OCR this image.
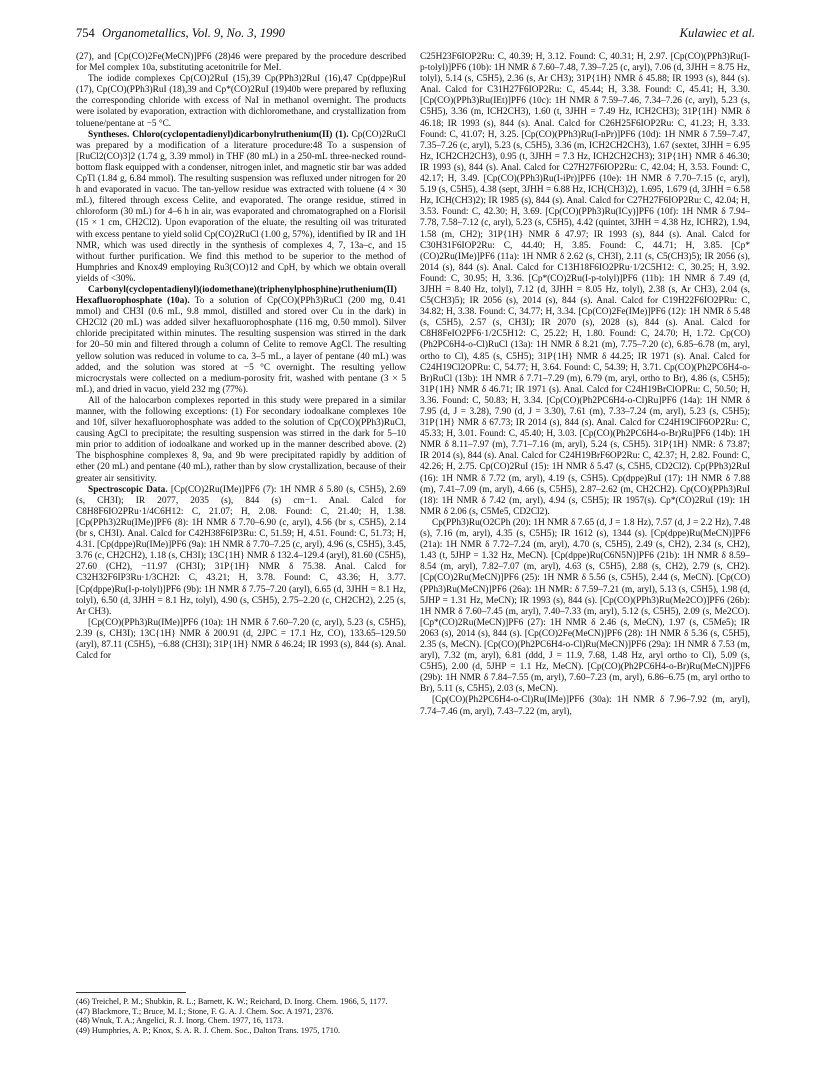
754 Organometallics, Vol. 9, No. 3, 1990	Kulawiec et al.

(27), and [Cp(CO)2Fe(MeCN)]PF6 (28)46 were prepared by the procedure described for MeI complex 10a, substituting acetonitrile for MeI.

The iodide complexes Cp(CO)2RuI (15),39 Cp(PPh3)2RuI (16),47 Cp(dppe)RuI (17), Cp(CO)(PPh3)RuI (18),39 and Cp*(CO)2RuI (19)40b were prepared by refluxing the corresponding chloride with excess of NaI in methanol overnight. The products were isolated by evaporation, extraction with dichloromethane, and crystallization from toluene/pentane at −5 °C.

Syntheses. Chloro(cyclopentadienyl)dicarbonylruthenium(II) (1). Cp(CO)2RuCl was prepared by a modification of a literature procedure:48 To a suspension of [RuCl2(CO)3]2 (1.74 g, 3.39 mmol) in THF (80 mL) in a 250-mL three-necked round-bottom flask equipped with a condenser, nitrogen inlet, and magnetic stir bar was added CpTl (1.84 g, 6.84 mmol). The resulting suspension was refluxed under nitrogen for 20 h and evaporated in vacuo. The tan-yellow residue was extracted with toluene (4 × 30 mL), filtered through excess Celite, and evaporated. The orange residue, stirred in chloroform (30 mL) for 4–6 h in air, was evaporated and chromatographed on a Florisil (15 × 1 cm, CH2Cl2). Upon evaporation of the eluate, the resulting oil was triturated with excess pentane to yield solid Cp(CO)2RuCl (1.00 g, 57%), identified by IR and 1H NMR, which was used directly in the synthesis of complexes 4, 7, 13a–c, and 15 without further purification. We find this method to be superior to the method of Humphries and Knox49 employing Ru3(CO)12 and CpH, by which we obtain overall yields of <30%.

Carbonyl(cyclopentadienyl)(iodomethane)(triphenylphosphine)ruthenium(II) Hexafluorophosphate (10a). To a solution of Cp(CO)(PPh3)RuCl (200 mg, 0.41 mmol) and CH3I (0.6 mL, 9.8 mmol, distilled and stored over Cu in the dark) in CH2Cl2 (20 mL) was added silver hexafluorophosphate (116 mg, 0.50 mmol). Silver chloride precipitated within minutes. The resulting suspension was stirred in the dark for 20–50 min and filtered through a column of Celite to remove AgCl. The resulting yellow solution was reduced in volume to ca. 3–5 mL, a layer of pentane (40 mL) was added, and the solution was stored at −5 °C overnight. The resulting yellow microcrystals were collected on a medium-porosity frit, washed with pentane (3 × 5 mL), and dried in vacuo, yield 232 mg (77%).

All of the halocarbon complexes reported in this study were prepared in a similar manner, with the following exceptions: (1) For secondary iodoalkane complexes 10e and 10f, silver hexafluorophosphate was added to the solution of Cp(CO)(PPh3)RuCl, causing AgCl to precipitate; the resulting suspension was stirred in the dark for 5–10 min prior to addition of iodoalkane and worked up in the manner described above. (2) The bisphosphine complexes 8, 9a, and 9b were precipitated rapidly by addition of ether (20 mL) and pentane (40 mL), rather than by slow crystallization, because of their greater air sensitivity.

Spectroscopic Data. [Cp(CO)2Ru(IMe)]PF6 (7): 1H NMR δ 5.80 (s, C5H5), 2.69 (s, CH3I); IR 2077, 2035 (s), 844 (s) cm−1. Anal. Calcd for C8H8F6IO2PRu·1/4C6H12: C, 21.07; H, 2.08. Found: C, 21.40; H, 1.38. [Cp(PPh3)2Ru(IMe)]PF6 (8): 1H NMR δ 7.70–6.90 (c, aryl), 4.56 (br s, C5H5), 2.14 (br s, CH3I). Anal. Calcd for C42H38F6IP3Ru: C, 51.59; H, 4.51. Found: C, 51.73; H, 4.31. [Cp(dppe)Ru(IMe)]PF6 (9a): 1H NMR δ 7.70–7.25 (c, aryl), 4.96 (s, C5H5), 3.45, 3.76 (c, CH2CH2), 1.18 (s, CH3I); 13C{1H} NMR δ 132.4–129.4 (aryl), 81.60 (C5H5), 27.60 (CH2), −11.97 (CH3I); 31P{1H} NMR δ 75.38. Anal. Calcd for C32H32F6IP3Ru·1/3CH2I: C, 43.21; H, 3.78. Found: C, 43.36; H, 3.77. [Cp(dppe)Ru(I-p-tolyl)]PF6 (9b): 1H NMR δ 7.75–7.20 (aryl), 6.65 (d, 3JHH = 8.1 Hz, tolyl), 6.50 (d, 3JHH = 8.1 Hz, tolyl), 4.90 (s, C5H5), 2.75–2.20 (c, CH2CH2), 2.25 (s, Ar CH3).

[Cp(CO)(PPh3)Ru(IMe)]PF6 (10a): 1H NMR δ 7.60–7.20 (c, aryl), 5.23 (s, C5H5), 2.39 (s, CH3I); 13C{1H} NMR δ 200.91 (d, 2JPC = 17.1 Hz, CO), 133.65–129.50 (aryl), 87.11 (C5H5), −6.88 (CH3I); 31P{1H} NMR δ 46.24; IR 1993 (s), 844 (s). Anal. Calcd for

C25H23F6IOP2Ru: C, 40.39; H, 3.12. Found: C, 40.31; H, 2.97. [Cp(CO)(PPh3)Ru(I-p-tolyl)]PF6 (10b): 1H NMR δ 7.60–7.48, 7.39–7.25 (c, aryl), 7.06 (d, 3JHH = 8.75 Hz, tolyl), 5.14 (s, C5H5), 2.36 (s, Ar CH3); 31P{1H} NMR δ 45.88; IR 1993 (s), 844 (s). Anal. Calcd for C31H27F6IOP2Ru: C, 45.44; H, 3.38. Found: C, 45.41; H, 3.30. [Cp(CO)(PPh3)Ru(IEt)]PF6 (10c): 1H NMR δ 7.59–7.46, 7.34–7.26 (c, aryl), 5.23 (s, C5H5), 3.36 (m, ICH2CH3), 1.60 (t, 3JHH = 7.49 Hz, ICH2CH3); 31P{1H} NMR δ 46.18; IR 1993 (s), 844 (s). Anal. Calcd for C26H25F6IOP2Ru: C, 41.23; H, 3.33. Found: C, 41.07; H, 3.25. [Cp(CO)(PPh3)Ru(I-nPr)]PF6 (10d): 1H NMR δ 7.59–7.47, 7.35–7.26 (c, aryl), 5.23 (s, C5H5), 3.36 (m, ICH2CH2CH3), 1.67 (sextet, 3JHH = 6.95 Hz, ICH2CH2CH3), 0.95 (t, 3JHH = 7.3 Hz, ICH2CH2CH3); 31P{1H} NMR δ 46.30; IR 1993 (s), 844 (s). Anal. Calcd for C27H27F6IOP2Ru: C, 42.04; H, 3.53. Found: C, 42.17; H, 3.49. [Cp(CO)(PPh3)Ru(I-iPr)]PF6 (10e): 1H NMR δ 7.70–7.15 (c, aryl), 5.19 (s, C5H5), 4.38 (sept, 3JHH = 6.88 Hz, ICH(CH3)2), 1.695, 1.679 (d, 3JHH = 6.58 Hz, ICH(CH3)2); IR 1985 (s), 844 (s). Anal. Calcd for C27H27F6IOP2Ru: C, 42.04; H, 3.53. Found: C, 42.30; H, 3.69. [Cp(CO)(PPh3)Ru(ICy)]PF6 (10f): 1H NMR δ 7.94–7.78, 7.58–7.12 (c, aryl), 5.23 (s, C5H5), 4.42 (quintet, 3JHH = 4.38 Hz, ICHR2), 1.94, 1.58 (m, CH2); 31P{1H} NMR δ 47.97; IR 1993 (s), 844 (s). Anal. Calcd for C30H31F6IOP2Ru: C, 44.40; H, 3.85. Found: C, 44.71; H, 3.85. [Cp*(CO)2Ru(IMe)]PF6 (11a): 1H NMR δ 2.62 (s, CH3I), 2.11 (s, C5(CH3)5); IR 2056 (s), 2014 (s), 844 (s). Anal. Calcd for C13H18F6IO2PRu·1/2C5H12: C, 30.25; H, 3.92. Found: C, 30.95; H, 3.36. [Cp*(CO)2Ru(I-p-tolyl)]PF6 (11b): 1H NMR δ 7.49 (d, 3JHH = 8.40 Hz, tolyl), 7.12 (d, 3JHH = 8.05 Hz, tolyl), 2.38 (s, Ar CH3), 2.04 (s, C5(CH3)5); IR 2056 (s), 2014 (s), 844 (s). Anal. Calcd for C19H22F6IO2PRu: C, 34.82; H, 3.38. Found: C, 34.77; H, 3.34. [Cp(CO)2Fe(IMe)]PF6 (12): 1H NMR δ 5.48 (s, C5H5), 2.57 (s, CH3I); IR 2070 (s), 2028 (s), 844 (s). Anal. Calcd for C8H8FeIO2PF6·1/2C5H12: C, 25.22; H, 1.80. Found: C, 24.70; H, 1.72. Cp(CO)(Ph2PC6H4-o-Cl)RuCl (13a): 1H NMR δ 8.21 (m), 7.75–7.20 (c), 6.85–6.78 (m, aryl, ortho to Cl), 4.85 (s, C5H5); 31P{1H} NMR δ 44.25; IR 1971 (s). Anal. Calcd for C24H19Cl2OPRu: C, 54.77; H, 3.64. Found: C, 54.39; H, 3.71. Cp(CO)(Ph2PC6H4-o-Br)RuCl (13b): 1H NMR δ 7.71–7.29 (m), 6.79 (m, aryl, ortho to Br), 4.86 (s, C5H5); 31P{1H} NMR δ 46.71; IR 1971 (s). Anal. Calcd for C24H19BrClOPRu: C, 50.50; H, 3.36. Found: C, 50.83; H, 3.34. [Cp(CO)(Ph2PC6H4-o-Cl)Ru]PF6 (14a): 1H NMR δ 7.95 (d, J = 3.28), 7.90 (d, J = 3.30), 7.61 (m), 7.33–7.24 (m, aryl), 5.23 (s, C5H5); 31P{1H} NMR δ 67.73; IR 2014 (s), 844 (s). Anal. Calcd for C24H19ClF6OP2Ru: C, 45.33; H, 3.01. Found: C, 45.40; H, 3.03. [Cp(CO)(Ph2PC6H4-o-Br)Ru]PF6 (14b): 1H NMR δ 8.11–7.97 (m), 7.71–7.16 (m, aryl), 5.24 (s, C5H5). 31P{1H} NMR: δ 73.87; IR 2014 (s), 844 (s). Anal. Calcd for C24H19BrF6OP2Ru: C, 42.37; H, 2.82. Found: C, 42.26; H, 2.75. Cp(CO)2RuI (15): 1H NMR δ 5.47 (s, C5H5, CD2Cl2). Cp(PPh3)2RuI (16): 1H NMR δ 7.72 (m, aryl), 4.19 (s, C5H5). Cp(dppe)RuI (17): 1H NMR δ 7.88 (m), 7.41–7.09 (m, aryl), 4.66 (s, C5H5), 2.87–2.62 (m, CH2CH2). Cp(CO)(PPh3)RuI (18): 1H NMR δ 7.42 (m, aryl), 4.94 (s, C5H5); IR 1957(s). Cp*(CO)2RuI (19): 1H NMR δ 2.06 (s, C5Me5, CD2Cl2).

Cp(PPh3)Ru(O2CPh (20): 1H NMR δ 7.65 (d, J = 1.8 Hz), 7.57 (d, J = 2.2 Hz), 7.48 (s), 7.16 (m, aryl), 4.35 (s, C5H5); IR 1612 (s), 1344 (s). [Cp(dppe)Ru(MeCN)]PF6 (21a): 1H NMR δ 7.72–7.24 (m, aryl), 4.70 (s, C5H5), 2.49 (s, CH2), 2.34 (s, CH2), 1.43 (t, 5JHP = 1.32 Hz, MeCN). [Cp(dppe)Ru(C6N5N)]PF6 (21b): 1H NMR δ 8.59–8.54 (m, aryl), 7.82–7.07 (m, aryl), 4.63 (s, C5H5), 2.88 (s, CH2), 2.79 (s, CH2). [Cp(CO)2Ru(MeCN)]PF6 (25): 1H NMR δ 5.56 (s, C5H5), 2.44 (s, MeCN). [Cp(CO)(PPh3)Ru(MeCN)]PF6 (26a): 1H NMR: δ 7.59–7.21 (m, aryl), 5.13 (s, C5H5), 1.98 (d, 5JHP = 1.31 Hz, MeCN); IR 1993 (s), 844 (s). [Cp(CO)(PPh3)Ru(Me2CO)]PF6 (26b): 1H NMR δ 7.60–7.45 (m, aryl), 7.40–7.33 (m, aryl), 5.12 (s, C5H5), 2.09 (s, Me2CO). [Cp*(CO)2Ru(MeCN)]PF6 (27): 1H NMR δ 2.46 (s, MeCN), 1.97 (s, C5Me5); IR 2063 (s), 2014 (s), 844 (s). [Cp(CO)2Fe(MeCN)]PF6 (28): 1H NMR δ 5.36 (s, C5H5), 2.35 (s, MeCN). [Cp(CO)(Ph2PC6H4-o-Cl)Ru(MeCN)]PF6 (29a): 1H NMR δ 7.53 (m, aryl), 7.32 (m, aryl), 6.81 (ddd, J = 11.9, 7.68, 1.48 Hz, aryl ortho to Cl), 5.09 (s, C5H5), 2.00 (d, 5JHP = 1.1 Hz, MeCN). [Cp(CO)(Ph2PC6H4-o-Br)Ru(MeCN)]PF6 (29b): 1H NMR δ 7.84–7.55 (m, aryl), 7.60–7.23 (m, aryl), 6.86–6.75 (m, aryl ortho to Br), 5.11 (s, C5H5), 2.03 (s, MeCN).

[Cp(CO)(Ph2PC6H4-o-Cl)Ru(IMe)]PF6 (30a): 1H NMR δ 7.96–7.92 (m, aryl), 7.74–7.46 (m, aryl), 7.43–7.22 (m, aryl),

(46) Treichel, P. M.; Shubkin, R. L.; Barnett, K. W.; Reichard, D. Inorg. Chem. 1966, 5, 1177.

(47) Blackmore, T.; Bruce, M. I.; Stone, F. G. A. J. Chem. Soc. A 1971, 2376.

(48) Wnuk, T. A.; Angelici, R. J. Inorg. Chem. 1977, 16, 1173.

(49) Humphries, A. P.; Knox, S. A. R. J. Chem. Soc., Dalton Trans. 1975, 1710.
